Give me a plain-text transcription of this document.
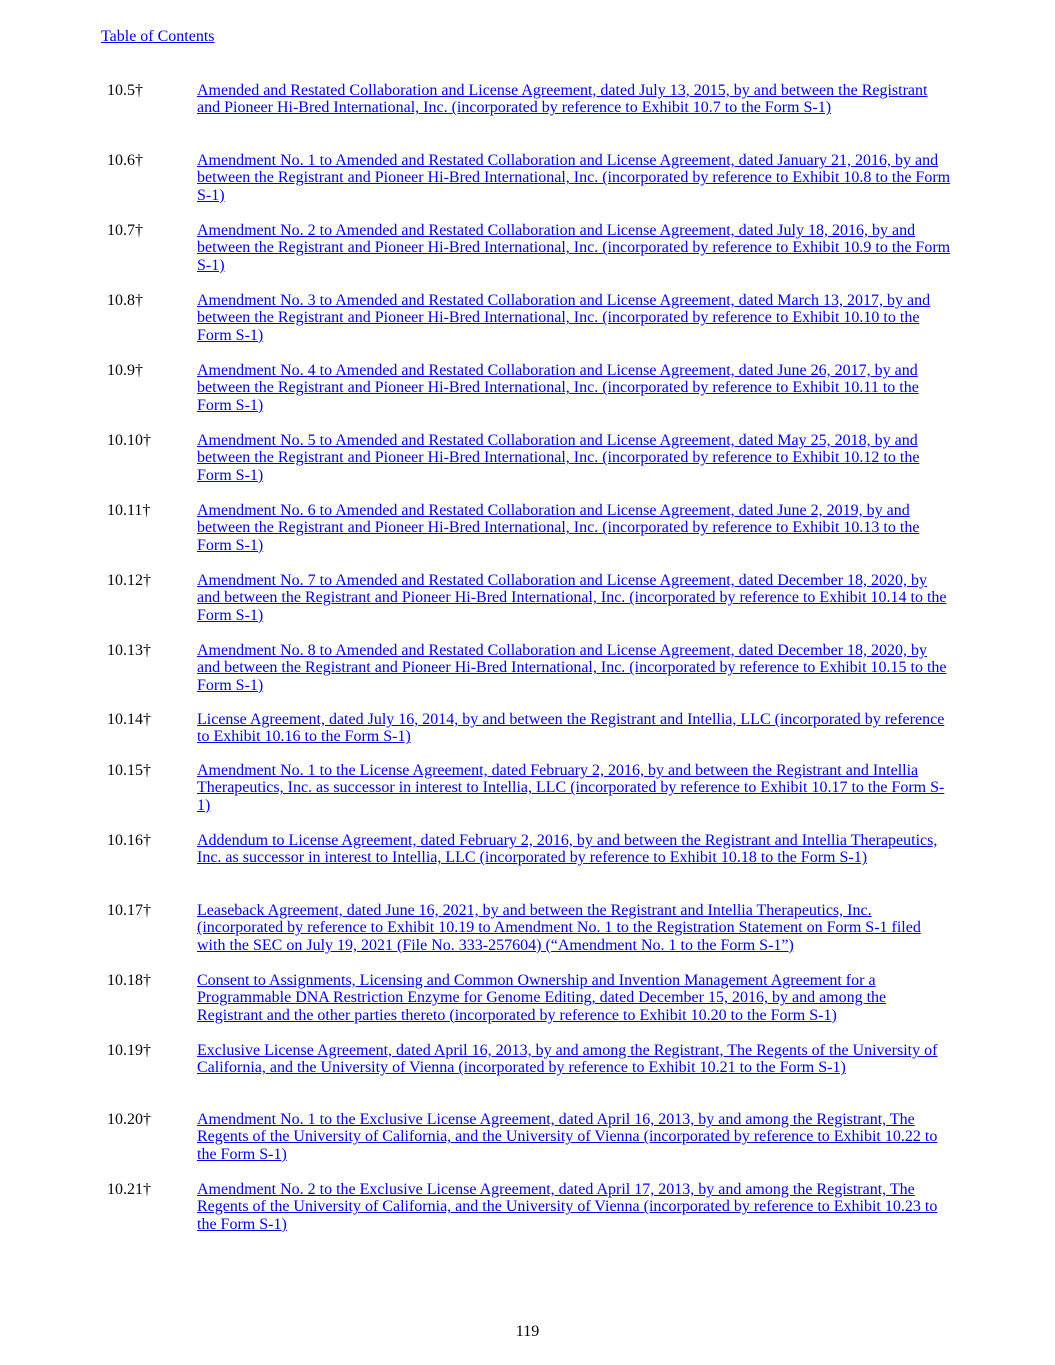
Table of Contents
10.5†	Amended and Restated Collaboration and License Agreement, dated July 13, 2015, by and between the Registrant and Pioneer Hi-Bred International, Inc. (incorporated by reference to Exhibit 10.7 to the Form S-1)
10.6†	Amendment No. 1 to Amended and Restated Collaboration and License Agreement, dated January 21, 2016, by and between the Registrant and Pioneer Hi-Bred International, Inc. (incorporated by reference to Exhibit 10.8 to the Form S-1)
10.7†	Amendment No. 2 to Amended and Restated Collaboration and License Agreement, dated July 18, 2016, by and between the Registrant and Pioneer Hi-Bred International, Inc. (incorporated by reference to Exhibit 10.9 to the Form S-1)
10.8†	Amendment No. 3 to Amended and Restated Collaboration and License Agreement, dated March 13, 2017, by and between the Registrant and Pioneer Hi-Bred International, Inc. (incorporated by reference to Exhibit 10.10 to the Form S-1)
10.9†	Amendment No. 4 to Amended and Restated Collaboration and License Agreement, dated June 26, 2017, by and between the Registrant and Pioneer Hi-Bred International, Inc. (incorporated by reference to Exhibit 10.11 to the Form S-1)
10.10†	Amendment No. 5 to Amended and Restated Collaboration and License Agreement, dated May 25, 2018, by and between the Registrant and Pioneer Hi-Bred International, Inc. (incorporated by reference to Exhibit 10.12 to the Form S-1)
10.11†	Amendment No. 6 to Amended and Restated Collaboration and License Agreement, dated June 2, 2019, by and between the Registrant and Pioneer Hi-Bred International, Inc. (incorporated by reference to Exhibit 10.13 to the Form S-1)
10.12†	Amendment No. 7 to Amended and Restated Collaboration and License Agreement, dated December 18, 2020, by and between the Registrant and Pioneer Hi-Bred International, Inc. (incorporated by reference to Exhibit 10.14 to the Form S-1)
10.13†	Amendment No. 8 to Amended and Restated Collaboration and License Agreement, dated December 18, 2020, by and between the Registrant and Pioneer Hi-Bred International, Inc. (incorporated by reference to Exhibit 10.15 to the Form S-1)
10.14†	License Agreement, dated July 16, 2014, by and between the Registrant and Intellia, LLC (incorporated by reference to Exhibit 10.16 to the Form S-1)
10.15†	Amendment No. 1 to the License Agreement, dated February 2, 2016, by and between the Registrant and Intellia Therapeutics, Inc. as successor in interest to Intellia, LLC (incorporated by reference to Exhibit 10.17 to the Form S-1)
10.16†	Addendum to License Agreement, dated February 2, 2016, by and between the Registrant and Intellia Therapeutics, Inc. as successor in interest to Intellia, LLC (incorporated by reference to Exhibit 10.18 to the Form S-1)
10.17†	Leaseback Agreement, dated June 16, 2021, by and between the Registrant and Intellia Therapeutics, Inc. (incorporated by reference to Exhibit 10.19 to Amendment No. 1 to the Registration Statement on Form S-1 filed with the SEC on July 19, 2021 (File No. 333-257604) (“Amendment No. 1 to the Form S-1”)
10.18†	Consent to Assignments, Licensing and Common Ownership and Invention Management Agreement for a Programmable DNA Restriction Enzyme for Genome Editing, dated December 15, 2016, by and among the Registrant and the other parties thereto (incorporated by reference to Exhibit 10.20 to the Form S-1)
10.19†	Exclusive License Agreement, dated April 16, 2013, by and among the Registrant, The Regents of the University of California, and the University of Vienna (incorporated by reference to Exhibit 10.21 to the Form S-1)
10.20†	Amendment No. 1 to the Exclusive License Agreement, dated April 16, 2013, by and among the Registrant, The Regents of the University of California, and the University of Vienna (incorporated by reference to Exhibit 10.22 to the Form S-1)
10.21†	Amendment No. 2 to the Exclusive License Agreement, dated April 17, 2013, by and among the Registrant, The Regents of the University of California, and the University of Vienna (incorporated by reference to Exhibit 10.23 to the Form S-1)
119
